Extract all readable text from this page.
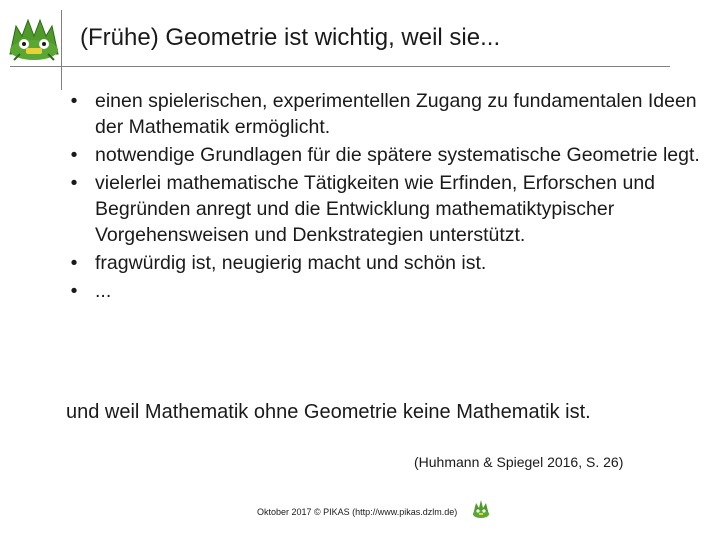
(Frühe) Geometrie ist wichtig, weil sie...
• einen spielerischen, experimentellen Zugang zu fundamentalen Ideen der Mathematik ermöglicht.
• notwendige Grundlagen für die spätere systematische Geometrie legt.
• vielerlei mathematische Tätigkeiten wie Erfinden, Erforschen und Begründen anregt und die Entwicklung mathematiktypischer Vorgehensweisen und Denkstrategien unterstützt.
• fragwürdig ist, neugierig macht und schön ist.
• ...
und weil Mathematik ohne Geometrie keine Mathematik ist.
(Huhmann & Spiegel 2016, S. 26)
Oktober 2017 © PIKAS (http://www.pikas.dzlm.de)
